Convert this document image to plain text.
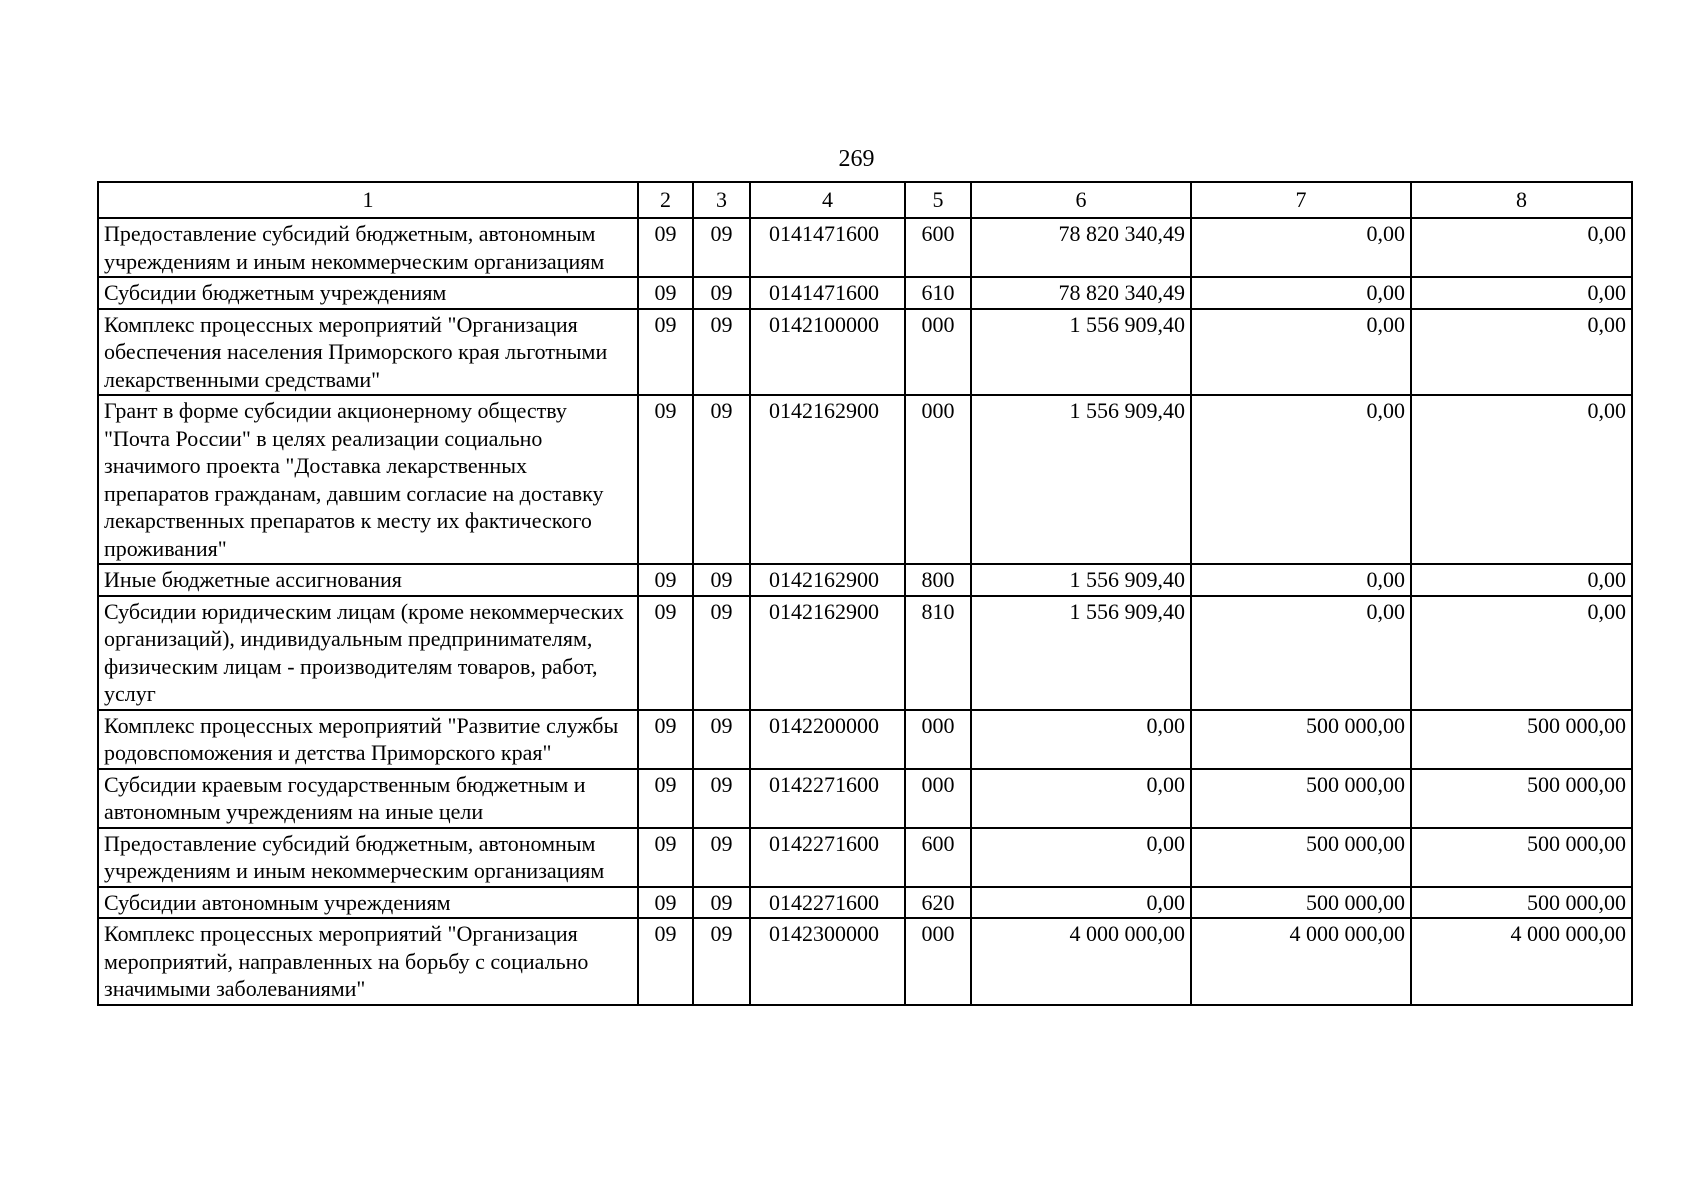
269
1	2	3	4	5	6	7	8
Предоставление субсидий бюджетным, автономным учреждениям и иным некоммерческим организациям	09	09	0141471600	600	78 820 340,49	0,00	0,00
Субсидии бюджетным учреждениям	09	09	0141471600	610	78 820 340,49	0,00	0,00
Комплекс процессных мероприятий "Организация обеспечения населения Приморского края льготными лекарственными средствами"	09	09	0142100000	000	1 556 909,40	0,00	0,00
Грант в форме субсидии акционерному обществу "Почта России" в целях реализации социально значимого проекта "Доставка лекарственных препаратов гражданам, давшим согласие на доставку лекарственных препаратов к месту их фактического проживания"	09	09	0142162900	000	1 556 909,40	0,00	0,00
Иные бюджетные ассигнования	09	09	0142162900	800	1 556 909,40	0,00	0,00
Субсидии юридическим лицам (кроме некоммерческих организаций), индивидуальным предпринимателям, физическим лицам - производителям товаров, работ, услуг	09	09	0142162900	810	1 556 909,40	0,00	0,00
Комплекс процессных мероприятий "Развитие службы родовспоможения и детства Приморского края"	09	09	0142200000	000	0,00	500 000,00	500 000,00
Субсидии краевым государственным бюджетным и автономным учреждениям на иные цели	09	09	0142271600	000	0,00	500 000,00	500 000,00
Предоставление субсидий бюджетным, автономным учреждениям и иным некоммерческим организациям	09	09	0142271600	600	0,00	500 000,00	500 000,00
Субсидии автономным учреждениям	09	09	0142271600	620	0,00	500 000,00	500 000,00
Комплекс процессных мероприятий "Организация мероприятий, направленных на борьбу с социально значимыми заболеваниями"	09	09	0142300000	000	4 000 000,00	4 000 000,00	4 000 000,00
